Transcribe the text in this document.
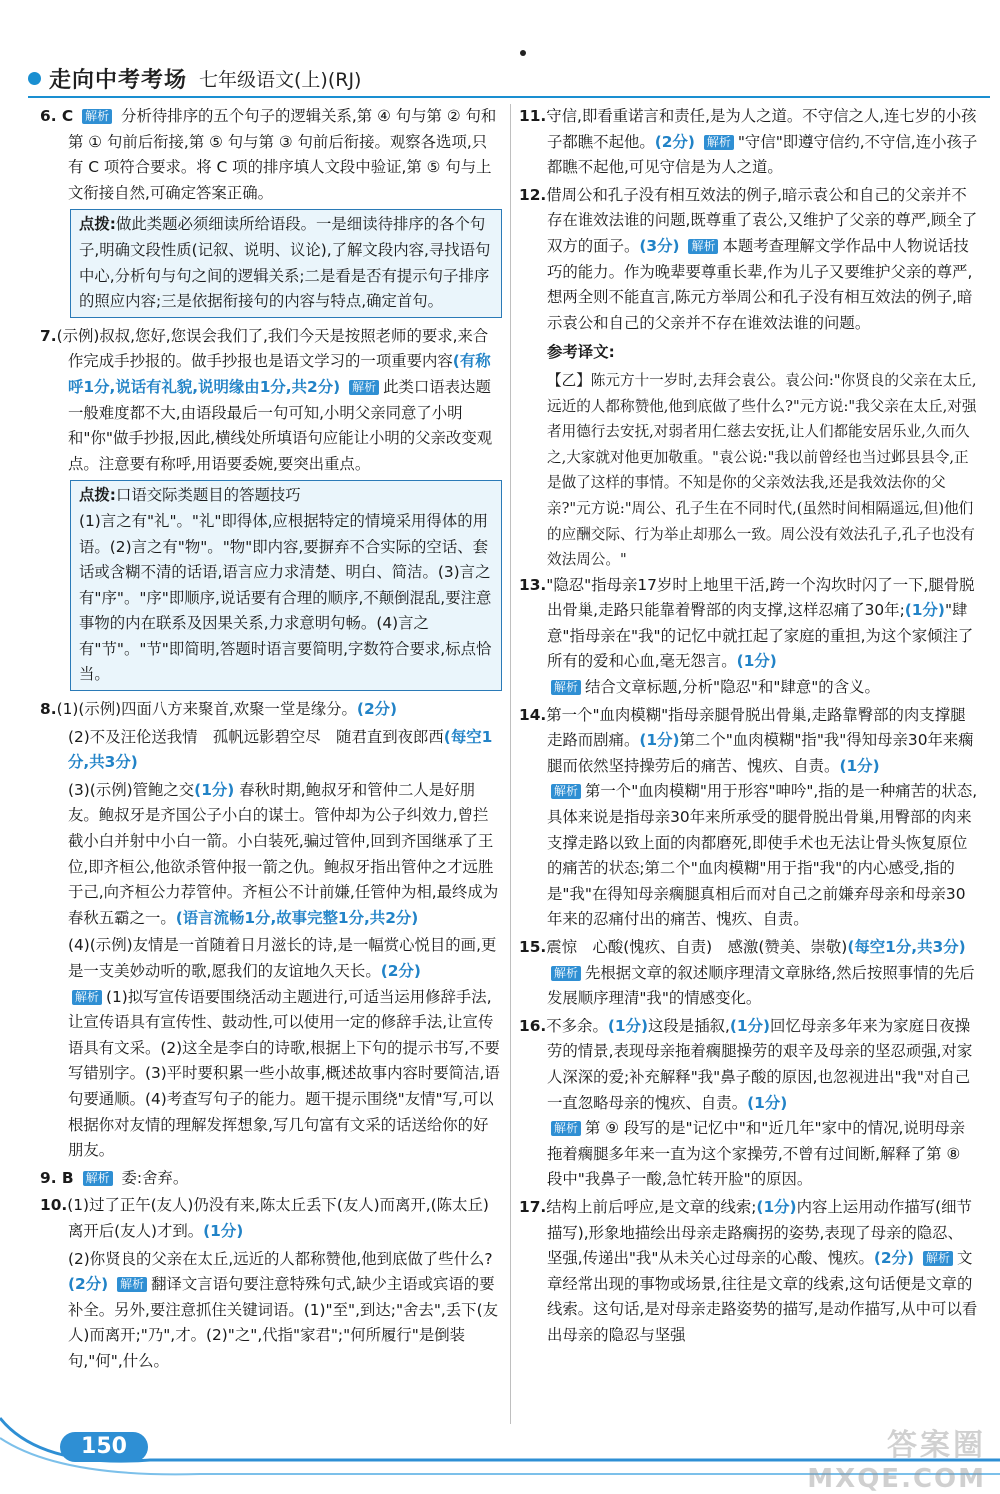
走向中考考场 七年级语文(上)(RJ)
6. C 解析 分析待排序的五个句子的逻辑关系,第 ④ 句与第 ② 句和第 ① 句前后衔接,第 ⑤ 句与第 ③ 句前后衔接。观察各选项,只有 C 项符合要求。将 C 项的排序填人文段中验证,第 ⑤ 句与上文衔接自然,可确定答案正确。
点拨:做此类题必须细读所给语段。一是细读待排序的各个句子,明确文段性质(记叙、说明、议论),了解文段内容,寻找语句中心,分析句与句之间的逻辑关系;二是看是否有提示句子排序的照应内容;三是依据衔接句的内容与特点,确定首句。
7.(示例)叔叔,您好,您误会我们了,我们今天是按照老师的要求,来合作完成手抄报的。做手抄报也是语文学习的一项重要内容(有称呼1分,说话有礼貌,说明缘由1分,共2分) 解析 此类口语表达题一般难度都不大,由语段最后一句可知,小明父亲同意了小明和"你"做手抄报,因此,横线处所填语句应能让小明的父亲改变观点。注意要有称呼,用语要委婉,要突出重点。
点拨:口语交际类题目的答题技巧
(1)言之有"礼"。"礼"即得体,应根据特定的情境采用得体的用语。(2)言之有"物"。"物"即内容,要摒弃不合实际的空话、套话或含糊不清的话语,语言应力求清楚、明白、简洁。(3)言之有"序"。"序"即顺序,说话要有合理的顺序,不颠倒混乱,要注意事物的内在联系及因果关系,力求意明句畅。(4)言之有"节"。"节"即简明,答题时语言要简明,字数符合要求,标点恰当。
8.(1)(示例)四面八方来聚首,欢聚一堂是缘分。(2分)
(2)不及汪伦送我情　孤帆远影碧空尽　随君直到夜郎西(每空1分,共3分)
(3)(示例)管鲍之交(1分) 春秋时期,鲍叔牙和管仲二人是好朋友。鲍叔牙是齐国公子小白的谋士。管仲却为公子纠效力,曾拦截小白并射中小白一箭。小白装死,骗过管仲,回到齐国继承了王位,即齐桓公,他欲杀管仲报一箭之仇。鲍叔牙指出管仲之才远胜于己,向齐桓公力荐管仲。齐桓公不计前嫌,任管仲为相,最终成为春秋五霸之一。(语言流畅1分,故事完整1分,共2分)
(4)(示例)友情是一首随着日月滋长的诗,是一幅赏心悦目的画,更是一支美妙动听的歌,愿我们的友谊地久天长。(2分)
解析 (1)拟写宣传语要围绕活动主题进行,可适当运用修辞手法,让宣传语具有宣传性、鼓动性,可以使用一定的修辞手法,让宣传语具有文采。(2)这全是李白的诗歌,根据上下句的提示书写,不要写错别字。(3)平时要积累一些小故事,概述故事内容时要简洁,语句要通顺。(4)考查写句子的能力。题干提示围绕"友情"写,可以根据你对友情的理解发挥想象,写几句富有文采的话送给你的好朋友。
9. B 解析 委:舍弃。
10.(1)过了正午(友人)仍没有来,陈太丘丢下(友人)而离开,(陈太丘)离开后(友人)才到。(1分)
(2)你贤良的父亲在太丘,远近的人都称赞他,他到底做了些什么?(2分) 解析 翻译文言语句要注意特殊句式,缺少主语或宾语的要补全。另外,要注意抓住关键词语。(1)"至",到达;"舍去",丢下(友人)而离开;"乃",才。(2)"之",代指"家君";"何所履行"是倒装句,"何",什么。
11.守信,即看重诺言和责任,是为人之道。不守信之人,连七岁的小孩子都瞧不起他。(2分) 解析 "守信"即遵守信约,不守信,连小孩子都瞧不起他,可见守信是为人之道。
12.借周公和孔子没有相互效法的例子,暗示袁公和自己的父亲并不存在谁效法谁的问题,既尊重了袁公,又维护了父亲的尊严,顾全了双方的面子。(3分) 解析 本题考查理解文学作品中人物说话技巧的能力。作为晚辈要尊重长辈,作为儿子又要维护父亲的尊严,想两全则不能直言,陈元方举周公和孔子没有相互效法的例子,暗示袁公和自己的父亲并不存在谁效法谁的问题。
参考译文:
【乙】陈元方十一岁时,去拜会袁公。袁公问:"你贤良的父亲在太丘,远近的人都称赞他,他到底做了些什么?"元方说:"我父亲在太丘,对强者用德行去安抚,对弱者用仁慈去安抚,让人们都能安居乐业,久而久之,大家就对他更加敬重。"袁公说:"我以前曾经也当过邺县县令,正是做了这样的事情。不知是你的父亲效法我,还是我效法你的父亲?"元方说:"周公、孔子生在不同时代,(虽然时间相隔遥远,但)他们的应酬交际、行为举止却那么一致。周公没有效法孔子,孔子也没有效法周公。"
13."隐忍"指母亲17岁时上地里干活,跨一个沟坎时闪了一下,腿骨脱出骨巢,走路只能靠着臀部的肉支撑,这样忍痛了30年;(1分)"肆意"指母亲在"我"的记忆中就扛起了家庭的重担,为这个家倾注了所有的爱和心血,毫无怨言。(1分)
解析 结合文章标题,分析"隐忍"和"肆意"的含义。
14.第一个"血肉模糊"指母亲腿骨脱出骨巢,走路靠臀部的肉支撑腿走路而剧痛。(1分)第二个"血肉模糊"指"我"得知母亲30年来瘸腿而依然坚持操劳后的痛苦、愧疚、自责。(1分)
解析 第一个"血肉模糊"用于形容"呻吟",指的是一种痛苦的状态,具体来说是指母亲30年来所承受的腿骨脱出骨巢,用臀部的肉来支撑走路以致上面的肉都磨死,即使手术也无法让骨头恢复原位的痛苦的状态;第二个"血肉模糊"用于指"我"的内心感受,指的是"我"在得知母亲瘸腿真相后而对自己之前嫌弃母亲和母亲30年来的忍痛付出的痛苦、愧疚、自责。
15.震惊　心酸(愧疚、自责)　感激(赞美、崇敬)(每空1分,共3分) 解析 先根据文章的叙述顺序理清文章脉络,然后按照事情的先后发展顺序理清"我"的情感变化。
16.不多余。(1分)这段是插叙,(1分)回忆母亲多年来为家庭日夜操劳的情景,表现母亲拖着瘸腿操劳的艰辛及母亲的坚忍顽强,对家人深深的爱;补充解释"我"鼻子酸的原因,也忽视进出"我"对自己一直忽略母亲的愧疚、自责。(1分)
解析 第 ⑨ 段写的是"记忆中"和"近几年"家中的情况,说明母亲拖着瘸腿多年来一直为这个家操劳,不曾有过间断,解释了第 ⑧ 段中"我鼻子一酸,急忙转开脸"的原因。
17.结构上前后呼应,是文章的线索;(1分)内容上运用动作描写(细节描写),形象地描绘出母亲走路瘸拐的姿势,表现了母亲的隐忍、坚强,传递出"我"从未关心过母亲的心酸、愧疚。(2分) 解析 文章经常出现的事物或场景,往往是文章的线索,这句话便是文章的线索。这句话,是对母亲走路姿势的描写,是动作描写,从中可以看出母亲的隐忍与坚强
150	答案圈
MXQE.COM
